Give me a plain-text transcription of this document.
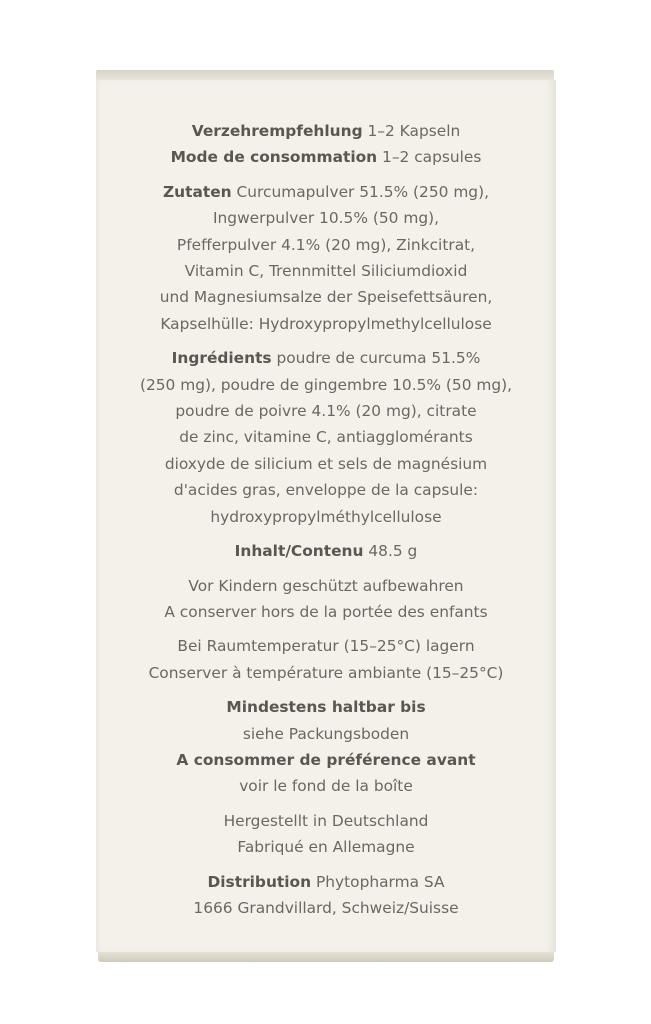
Verzehrempfehlung 1–2 Kapseln

Mode de consommation 1–2 capsules

Zutaten Curcumapulver 51.5% (250 mg),

Ingwerpulver 10.5% (50 mg),

Pfefferpulver 4.1% (20 mg), Zinkcitrat,

Vitamin C, Trennmittel Siliciumdioxid

und Magnesiumsalze der Speisefettsäuren,

Kapselhülle: Hydroxypropylmethylcellulose

Ingrédients poudre de curcuma 51.5%

(250 mg), poudre de gingembre 10.5% (50 mg),

poudre de poivre 4.1% (20 mg), citrate

de zinc, vitamine C, antiagglomérants

dioxyde de silicium et sels de magnésium

d'acides gras, enveloppe de la capsule:

hydroxypropylméthylcellulose

Inhalt/Contenu 48.5 g

Vor Kindern geschützt aufbewahren

A conserver hors de la portée des enfants

Bei Raumtemperatur (15–25°C) lagern

Conserver à température ambiante (15–25°C)

Mindestens haltbar bis

siehe Packungsboden

A consommer de préférence avant

voir le fond de la boîte

Hergestellt in Deutschland

Fabriqué en Allemagne

Distribution Phytopharma SA

1666 Grandvillard, Schweiz/Suisse
